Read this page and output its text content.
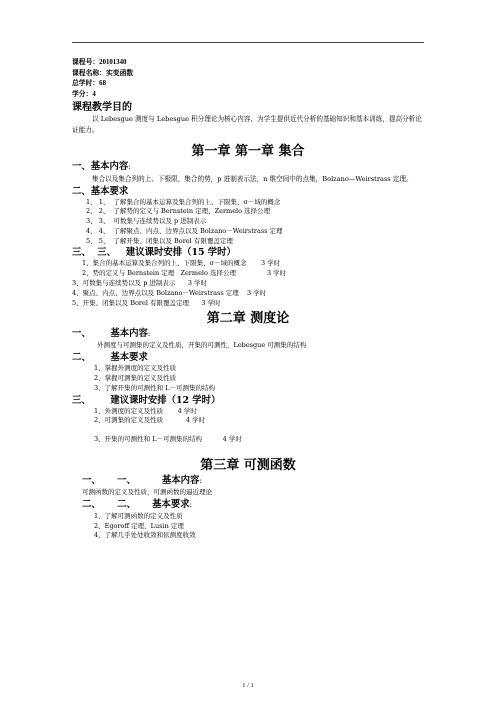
课程号：20101340
课程名称：实变函数
总学时：68
学分：4
课程教学目的
以 Lebesgue 测度与 Lebesgue 积分理论为核心内容，为学生提供近代分析的基础知识和基本训练，提高分析论证能力。
第一章 第一章 集合
一、基本内容:
集合以及集合列的上、下极限，集合的势，p 进制表示法，n 维空间中的点集，Bolzano—Weirstrass 定理。
二、基本要求
1、 1、  了解集合的基本运算及集合列的上、下限集、σ－域的概念
2、 2、  了解势的定义与 Bernstein 定理、Zermelo 选择公理
3、 3、  可数集与连续势以及 p 进制表示
4、 4、  了解聚点、内点、边界点以及 Bolzano－Weirstrass 定理
5、 5、  了解开集、闭集以及 Borel 有限覆盖定理
三、  三、   建议课时安排（15 学时）
1、集合的基本运算及集合列的上、下限集、σ－域的概念       3 学时
2、势的定义与 Bernstein 定理   Zermelo 选择公理               3 学时
3、可数集与连续势以及 p 进制表示      3 学时
4、聚点、内点、边界点以及 Bolzano－Weirstrass 定理    3 学时
5、开集、闭集以及 Borel 有限覆盖定理      3 学时
第二章 测度论
一、      基本内容:
外测度与可测集的定义及性质，开集的可测性，Lebesgue 可测集的结构
二、      基本要求
1、掌握外测度的定义及性质
2、掌握可测集的定义及性质
3、了解开集的可测性和 L－可测集的结构
三、      建议课时安排（12 学时）
1、外测度的定义及性质       4 学时
2、可测集的定义及性质           4 学时
3、开集的可测性和 L－可测集的结构          4 学时
第三章 可测函数
一、     一、        基本内容:
可测函数的定义及性质，可测函数的逼近理论
二、     二、     基本要求:
1、了解可测函数的定义及性质
2、Egoroff 定理，Lusin 定理
4、了解几乎处处收敛和依测度收敛
1 / 1
